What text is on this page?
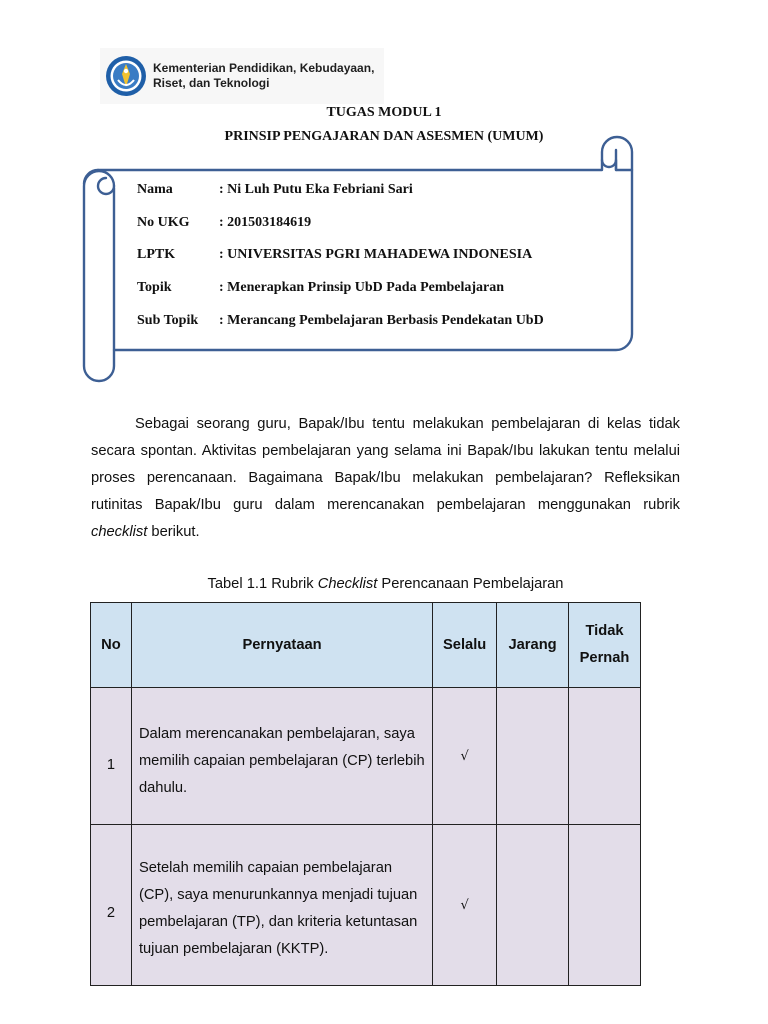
Kementerian Pendidikan, Kebudayaan,
Riset, dan Teknologi
TUGAS MODUL 1
PRINSIP PENGAJARAN DAN ASESMEN (UMUM)
Nama	: Ni Luh Putu Eka Febriani Sari
No UKG	: 201503184619
LPTK	: UNIVERSITAS PGRI MAHADEWA INDONESIA
Topik	: Menerapkan Prinsip UbD Pada Pembelajaran
Sub Topik	: Merancang Pembelajaran Berbasis Pendekatan UbD

Sebagai seorang guru, Bapak/Ibu tentu melakukan pembelajaran di kelas tidak secara spontan. Aktivitas pembelajaran yang selama ini Bapak/Ibu lakukan tentu melalui proses perencanaan. Bagaimana Bapak/Ibu melakukan pembelajaran? Refleksikan rutinitas Bapak/Ibu guru dalam merencanakan pembelajaran menggunakan rubrik checklist berikut.

Tabel 1.1 Rubrik Checklist Perencanaan Pembelajaran
No	Pernyataan	Selalu	Jarang	Tidak
Pernah
1	Dalam merencanakan pembelajaran, saya memilih capaian pembelajaran (CP) terlebih dahulu.	√		
2	Setelah memilih capaian pembelajaran (CP), saya menurunkannya menjadi tujuan pembelajaran (TP), dan kriteria ketuntasan tujuan pembelajaran (KKTP).	√		
